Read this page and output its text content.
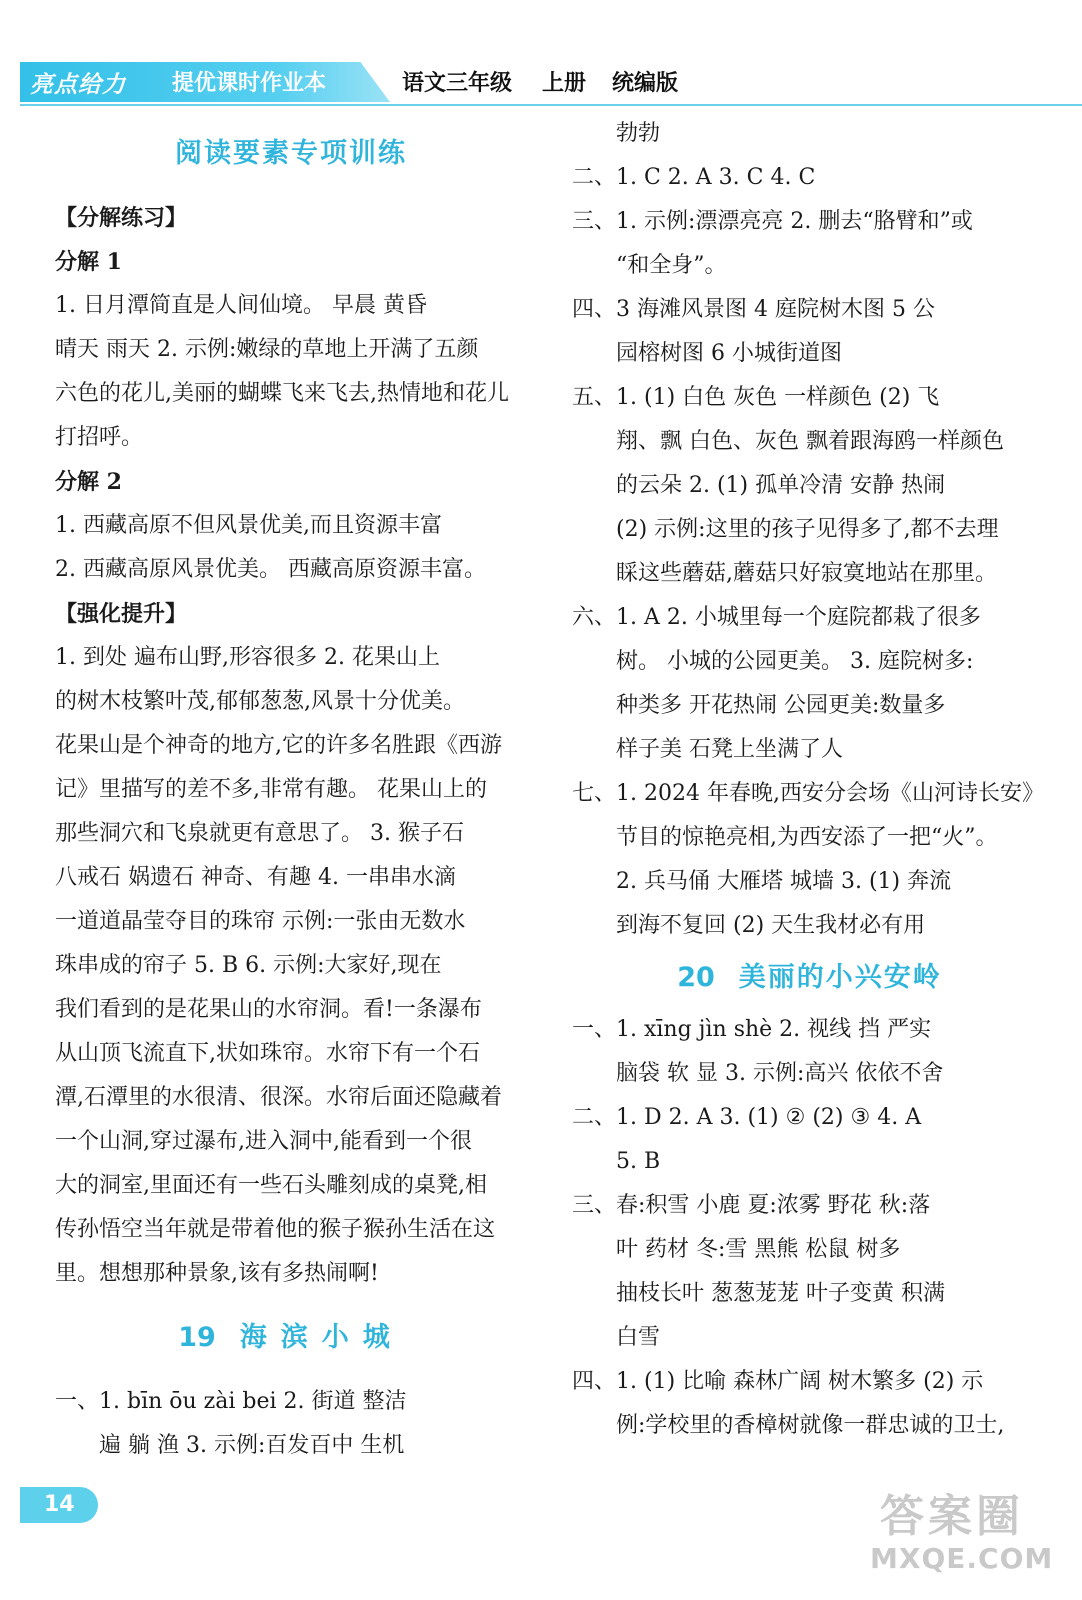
亮点给力 提优课时作业本	语文三年级 上册 统编版
阅读要素专项训练
【分解练习】
分解 1
1. 日月潭简直是人间仙境。 早晨 黄昏
晴天 雨天 2. 示例:嫩绿的草地上开满了五颜
六色的花儿,美丽的蝴蝶飞来飞去,热情地和花儿
打招呼。
分解 2
1. 西藏高原不但风景优美,而且资源丰富
2. 西藏高原风景优美。 西藏高原资源丰富。
【强化提升】
1. 到处 遍布山野,形容很多 2. 花果山上
的树木枝繁叶茂,郁郁葱葱,风景十分优美。
花果山是个神奇的地方,它的许多名胜跟《西游
记》里描写的差不多,非常有趣。 花果山上的
那些洞穴和飞泉就更有意思了。 3. 猴子石
八戒石 娲遗石 神奇、有趣 4. 一串串水滴
一道道晶莹夺目的珠帘 示例:一张由无数水
珠串成的帘子 5. B 6. 示例:大家好,现在
我们看到的是花果山的水帘洞。看!一条瀑布
从山顶飞流直下,状如珠帘。水帘下有一个石
潭,石潭里的水很清、很深。水帘后面还隐藏着
一个山洞,穿过瀑布,进入洞中,能看到一个很
大的洞室,里面还有一些石头雕刻成的桌凳,相
传孙悟空当年就是带着他的猴子猴孙生活在这
里。想想那种景象,该有多热闹啊!
19 海滨小城
一、1. bīn ōu zài bei 2. 街道 整洁
遍 躺 渔 3. 示例:百发百中 生机
勃勃
二、1. C 2. A 3. C 4. C
三、1. 示例:漂漂亮亮 2. 删去“胳臂和”或
“和全身”。
四、3 海滩风景图 4 庭院树木图 5 公
园榕树图 6 小城街道图
五、1. (1) 白色 灰色 一样颜色 (2) 飞
翔、飘 白色、灰色 飘着跟海鸥一样颜色
的云朵 2. (1) 孤单冷清 安静 热闹
(2) 示例:这里的孩子见得多了,都不去理
睬这些蘑菇,蘑菇只好寂寞地站在那里。
六、1. A 2. 小城里每一个庭院都栽了很多
树。 小城的公园更美。 3. 庭院树多:
种类多 开花热闹 公园更美:数量多
样子美 石凳上坐满了人
七、1. 2024 年春晚,西安分会场《山河诗长安》
节目的惊艳亮相,为西安添了一把“火”。
2. 兵马俑 大雁塔 城墙 3. (1) 奔流
到海不复回 (2) 天生我材必有用
20 美丽的小兴安岭
一、1. xīng jìn shè 2. 视线 挡 严实
脑袋 软 显 3. 示例:高兴 依依不舍
二、1. D 2. A 3. (1) ② (2) ③ 4. A
5. B
三、春:积雪 小鹿 夏:浓雾 野花 秋:落
叶 药材 冬:雪 黑熊 松鼠 树多
抽枝长叶 葱葱茏茏 叶子变黄 积满
白雪
四、1. (1) 比喻 森林广阔 树木繁多 (2) 示
例:学校里的香樟树就像一群忠诚的卫士,
14	答案圈
MXQE.COM
